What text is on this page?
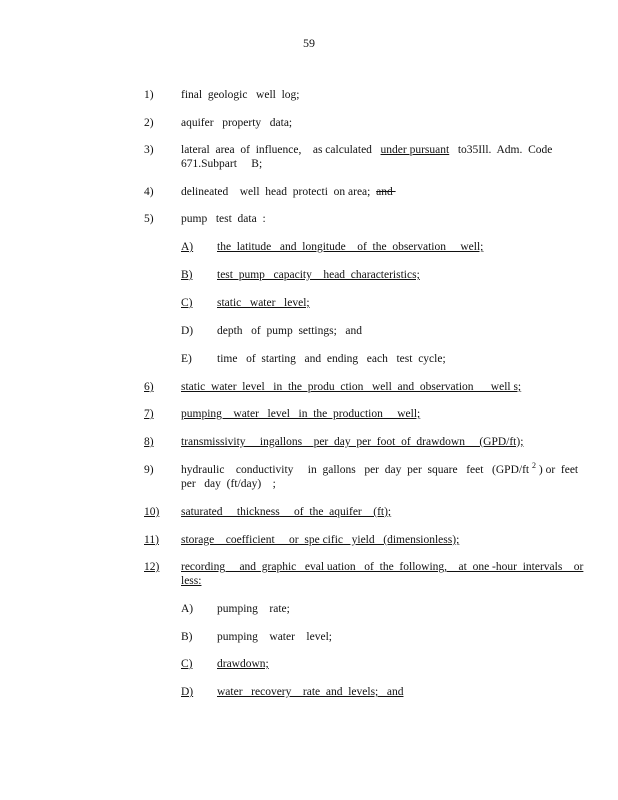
59
1) final  geologic   well  log;
2) aquifer   property   data;
3) lateral  area  of  influence,    as calculated   under pursuant   to35Ill.  Adm.  Code
671.Subpart     B;
4) delineated    well  head  protecti  on area;  and
5) pump   test  data  :
A) the  latitude   and  longitude    of  the  observation     well;
B) test  pump   capacity    head  characteristics;
C) static   water   level;
D) depth   of  pump  settings;   and
E) time   of  starting   and  ending   each   test  cycle;
6) static  water  level   in  the  produ  ction   well  and  observation      well s;
7) pumping    water   level   in  the  production     well;
8) transmissivity     ingallons    per  day  per  foot  of  drawdown     (GPD/ft);
9) hydraulic    conductivity     in  gallons   per  day  per  square   feet   (GPD/ft $^2$ ) or  feet
per   day  (ft/day)    ;
10) saturated     thickness     of  the  aquifer    (ft);
11) storage    coefficient     or  spe cific   yield   (dimensionless);
12) recording     and  graphic   eval uation   of  the  following,    at  one -hour  intervals    or
less:
A) pumping    rate;
B) pumping    water    level;
C) drawdown;
D) water   recovery    rate  and  levels;   and
